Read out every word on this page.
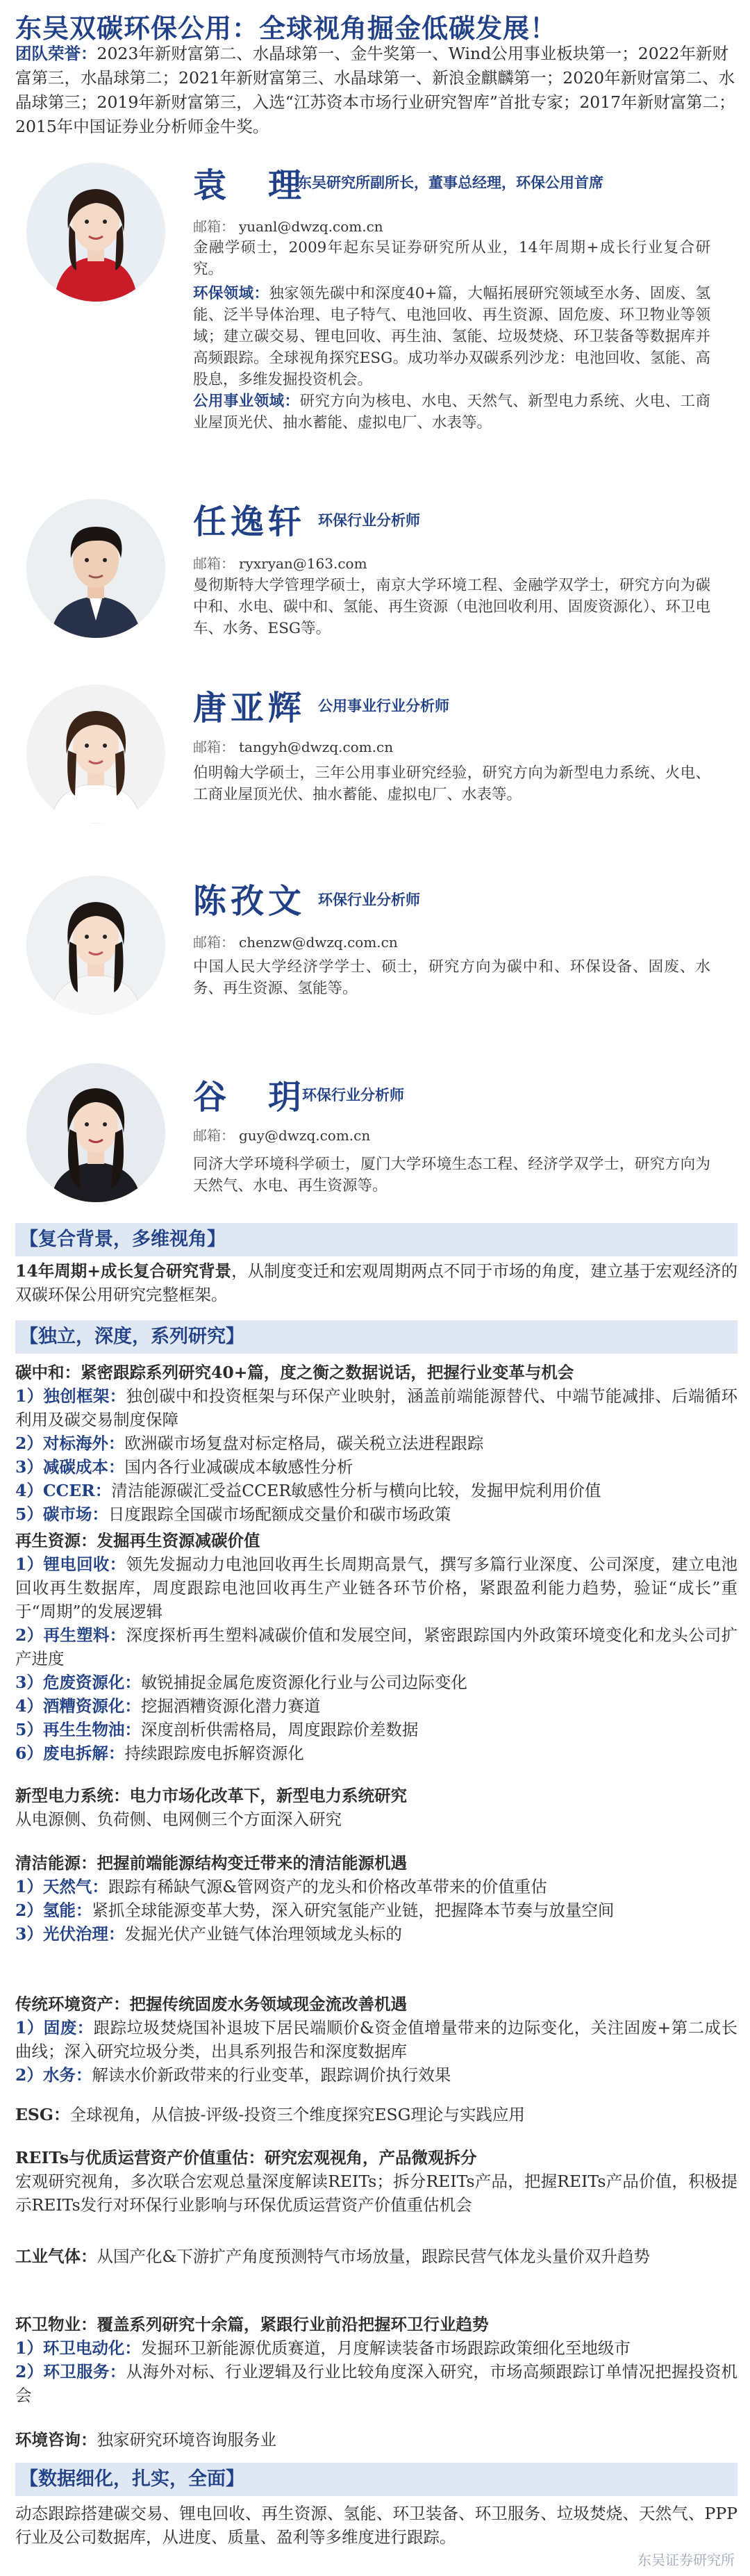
东吴双碳环保公用：全球视角掘金低碳发展！
团队荣誉：2023年新财富第二、水晶球第一、金牛奖第一、Wind公用事业板块第一；2022年新财富第三，水晶球第二；2021年新财富第三、水晶球第一、新浪金麒麟第一；2020年新财富第二、水晶球第三；2019年新财富第三，入选“江苏资本市场行业研究智库”首批专家；2017年新财富第二；2015年中国证券业分析师金牛奖。
袁　理
东吴研究所副所长，董事总经理，环保公用首席
邮箱： yuanl@dwzq.com.cn
金融学硕士，2009年起东吴证券研究所从业，14年周期+成长行业复合研究。
环保领域：独家领先碳中和深度40+篇，大幅拓展研究领域至水务、固废、氢能、泛半导体治理、电子特气、电池回收、再生资源、固危废、环卫物业等领域；建立碳交易、锂电回收、再生油、氢能、垃圾焚烧、环卫装备等数据库并高频跟踪。全球视角探究ESG。成功举办双碳系列沙龙：电池回收、氢能、高股息，多维发掘投资机会。
公用事业领域：研究方向为核电、水电、天然气、新型电力系统、火电、工商业屋顶光伏、抽水蓄能、虚拟电厂、水表等。
任逸轩 环保行业分析师
邮箱： ryxryan@163.com
曼彻斯特大学管理学硕士，南京大学环境工程、金融学双学士，研究方向为碳中和、水电、碳中和、氢能、再生资源（电池回收利用、固废资源化）、环卫电车、水务、ESG等。
唐亚辉 公用事业行业分析师
邮箱： tangyh@dwzq.com.cn
伯明翰大学硕士，三年公用事业研究经验，研究方向为新型电力系统、火电、工商业屋顶光伏、抽水蓄能、虚拟电厂、水表等。
陈孜文 环保行业分析师
邮箱： chenzw@dwzq.com.cn
中国人民大学经济学学士、硕士，研究方向为碳中和、环保设备、固废、水务、再生资源、氢能等。
谷　玥
环保行业分析师
邮箱： guy@dwzq.com.cn
同济大学环境科学硕士，厦门大学环境生态工程、经济学双学士，研究方向为天然气、水电、再生资源等。
【复合背景，多维视角】
14年周期+成长复合研究背景，从制度变迁和宏观周期两点不同于市场的角度，建立基于宏观经济的双碳环保公用研究完整框架。
【独立，深度，系列研究】
碳中和：紧密跟踪系列研究40+篇，度之衡之数据说话，把握行业变革与机会
1）独创框架：独创碳中和投资框架与环保产业映射，涵盖前端能源替代、中端节能减排、后端循环利用及碳交易制度保障
2）对标海外：欧洲碳市场复盘对标定格局，碳关税立法进程跟踪
3）减碳成本：国内各行业减碳成本敏感性分析
4）CCER：清洁能源碳汇受益CCER敏感性分析与横向比较，发掘甲烷利用价值
5）碳市场：日度跟踪全国碳市场配额成交量价和碳市场政策
再生资源：发掘再生资源减碳价值
1）锂电回收：领先发掘动力电池回收再生长周期高景气，撰写多篇行业深度、公司深度，建立电池回收再生数据库，周度跟踪电池回收再生产业链各环节价格，紧跟盈利能力趋势，验证“成长”重于“周期”的发展逻辑
2）再生塑料：深度探析再生塑料减碳价值和发展空间，紧密跟踪国内外政策环境变化和龙头公司扩产进度
3）危废资源化：敏锐捕捉金属危废资源化行业与公司边际变化
4）酒糟资源化：挖掘酒糟资源化潜力赛道
5）再生生物油：深度剖析供需格局，周度跟踪价差数据
6）废电拆解：持续跟踪废电拆解资源化
新型电力系统：电力市场化改革下，新型电力系统研究
从电源侧、负荷侧、电网侧三个方面深入研究
清洁能源：把握前端能源结构变迁带来的清洁能源机遇
1）天然气：跟踪有稀缺气源&管网资产的龙头和价格改革带来的价值重估
2）氢能：紧抓全球能源变革大势，深入研究氢能产业链，把握降本节奏与放量空间
3）光伏治理：发掘光伏产业链气体治理领域龙头标的
传统环境资产：把握传统固废水务领域现金流改善机遇
1）固废：跟踪垃圾焚烧国补退坡下居民端顺价&资金值增量带来的边际变化，关注固废+第二成长曲线；深入研究垃圾分类，出具系列报告和深度数据库
2）水务：解读水价新政带来的行业变革，跟踪调价执行效果
ESG：全球视角，从信披-评级-投资三个维度探究ESG理论与实践应用
REITs与优质运营资产价值重估：研究宏观视角，产品微观拆分
宏观研究视角，多次联合宏观总量深度解读REITs；拆分REITs产品，把握REITs产品价值，积极提示REITs发行对环保行业影响与环保优质运营资产价值重估机会
工业气体：从国产化&下游扩产角度预测特气市场放量，跟踪民营气体龙头量价双升趋势
环卫物业：覆盖系列研究十余篇，紧跟行业前沿把握环卫行业趋势
1）环卫电动化：发掘环卫新能源优质赛道，月度解读装备市场跟踪政策细化至地级市
2）环卫服务：从海外对标、行业逻辑及行业比较角度深入研究，市场高频跟踪订单情况把握投资机会
环境咨询：独家研究环境咨询服务业
【数据细化，扎实，全面】
动态跟踪搭建碳交易、锂电回收、再生资源、氢能、环卫装备、环卫服务、垃圾焚烧、天然气、PPP行业及公司数据库，从进度、质量、盈利等多维度进行跟踪。
东吴证券研究所
